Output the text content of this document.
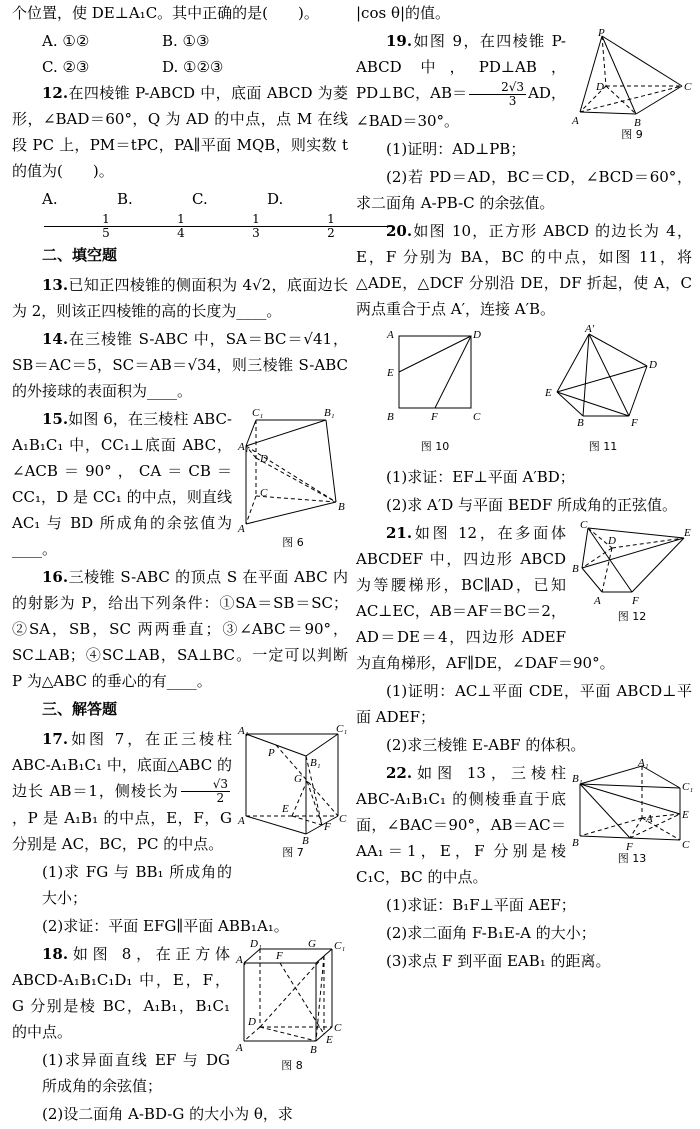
个位置，使 DE⊥A₁C。其中正确的是(　　)。

A. ①②	B. ①③
C. ②③	D. ①②③

12.在四棱锥 P-ABCD 中，底面 ABCD 为菱形，∠BAD＝60°，Q 为 AD 的中点，点 M 在线段 PC 上，PM＝tPC，PA∥平面 MQB，则实数 t 的值为(　　)。

A.
$\frac{1}{5}$
B.
$\frac{1}{4}$
C.
$\frac{1}{3}$
D.
$\frac{1}{2}$
二、填空题

13.已知正四棱锥的侧面积为 4√2，底面边长为 2，则该正四棱锥的高的长度为____。

14.在三棱锥 S-ABC 中，SA＝BC＝√41，SB＝AC＝5，SC＝AB＝√34，则三棱锥 S-ABC 的外接球的表面积为____。

C₁	B₁
A₁
C
D
A
B
图 6

15.如图 6，在三棱柱 ABC-A₁B₁C₁ 中，CC₁⊥底面 ABC，∠ACB＝90°，CA＝CB＝CC₁，D 是 CC₁ 的中点，则直线 AC₁ 与 BD 所成角的余弦值为____。

16.三棱锥 S-ABC 的顶点 S 在平面 ABC 内的射影为 P，给出下列条件：①SA＝SB＝SC；②SA，SB，SC 两两垂直；③∠ABC＝90°，SC⊥AB；④SC⊥AB，SA⊥BC。一定可以判断 P 为△ABC 的垂心的有____。

三、解答题
A₁	C₁
P
G
B₁
E
A	F
C
B
图 7

17.如图 7，在正三棱柱 ABC-A₁B₁C₁ 中，底面△ABC 的边长 AB＝1，侧棱长为 $\frac{√3}{2}$
，P 是 A₁B₁ 的中点，E，F，G 分别是 AC，BC，PC 的中点。

(1)求 FG 与 BB₁ 所成角的大小；

(2)求证：平面 EFG∥平面 ABB₁A₁。

A₁	F
G C₁
D₁
D	C
A
E
B
图 8

18.如图 8，在正方体 ABCD-A₁B₁C₁D₁ 中，E，F，G 分别是棱 BC，A₁B₁，B₁C₁ 的中点。

(1)求异面直线 EF 与 DG 所成角的余弦值；

(2)设二面角 A-BD-G 的大小为 θ，求

|cos θ|的值。

P
D	C
A	B
图 9

19.如图 9，在四棱锥 P-ABCD 中，PD⊥AB，PD⊥BC，$AB= \frac{2√3}{3}$ AD，∠BAD＝30°。

(1)证明：AD⊥PB；

(2)若 PD＝AD，BC＝CD，∠BCD＝60°，求二面角 A-PB-C 的余弦值。

20.如图 10，正方形 ABCD 的边长为 4，E，F 分别为 BA，BC 的中点，如图 11，将△ADE，△DCF 分别沿 DE，DF 折起，使 A，C 两点重合于点 A′，连接 A′B。

A	D
E
B	F	C
图 10
A′
D
E
B	F
图 11

(1)求证：EF⊥平面 A′BD；

(2)求 A′D 与平面 BEDF 所成角的正弦值。

C
D
E
B
A	F
图 12

21.如图 12，在多面体 ABCDEF 中，四边形 ABCD 为等腰梯形，BC∥AD，已知 AC⊥EC，AB＝AF＝BC＝2，AD＝DE＝4，四边形 ADEF 为直角梯形，AF∥DE，∠DAF＝90°。

(1)证明：AC⊥平面 CDE，平面 ABCD⊥平面 ADEF；

(2)求三棱锥 E-ABF 的体积。

A₁
B₁
C₁
E
B
A
F	C
图 13

22.如图 13，三棱柱 ABC-A₁B₁C₁ 的侧棱垂直于底面，∠BAC＝90°，AB＝AC＝AA₁＝1，E，F 分别是棱 C₁C，BC 的中点。

(1)求证：B₁F⊥平面 AEF；

(2)求二面角 F-B₁E-A 的大小；

(3)求点 F 到平面 EAB₁ 的距离。
